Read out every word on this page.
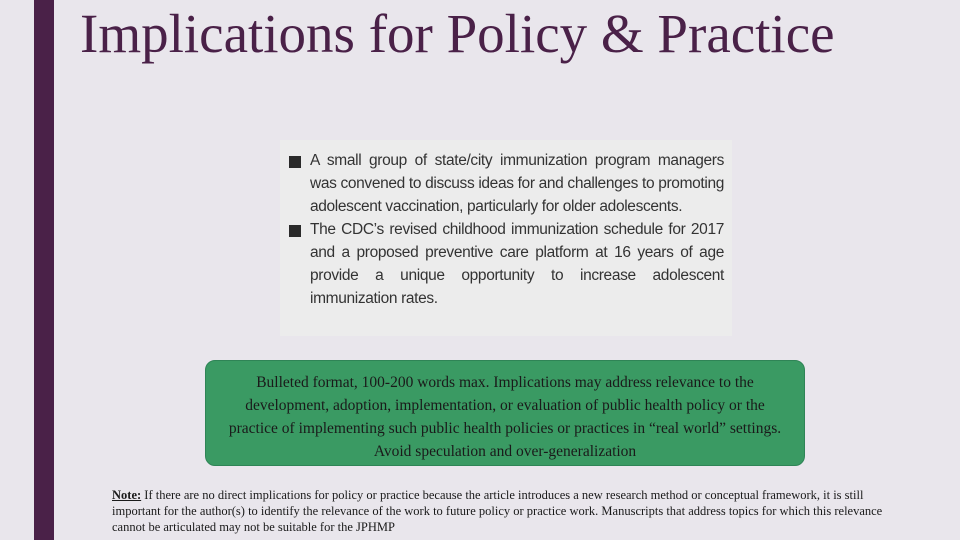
Implications for Policy & Practice
A small group of state/city immunization program managers was convened to discuss ideas for and challenges to promoting adolescent vaccination, particularly for older adolescents.
The CDC’s revised childhood immunization schedule for 2017 and a proposed preventive care platform at 16 years of age provide a unique opportunity to increase adolescent immunization rates.
Bulleted format, 100-200 words max. Implications may address relevance to the development, adoption, implementation, or evaluation of public health policy or the practice of implementing such public health policies or practices in “real world” settings. Avoid speculation and over-generalization
Note: If there are no direct implications for policy or practice because the article introduces a new research method or conceptual framework, it is still important for the author(s) to identify the relevance of the work to future policy or practice work. Manuscripts that address topics for which this relevance cannot be articulated may not be suitable for the JPHMP
